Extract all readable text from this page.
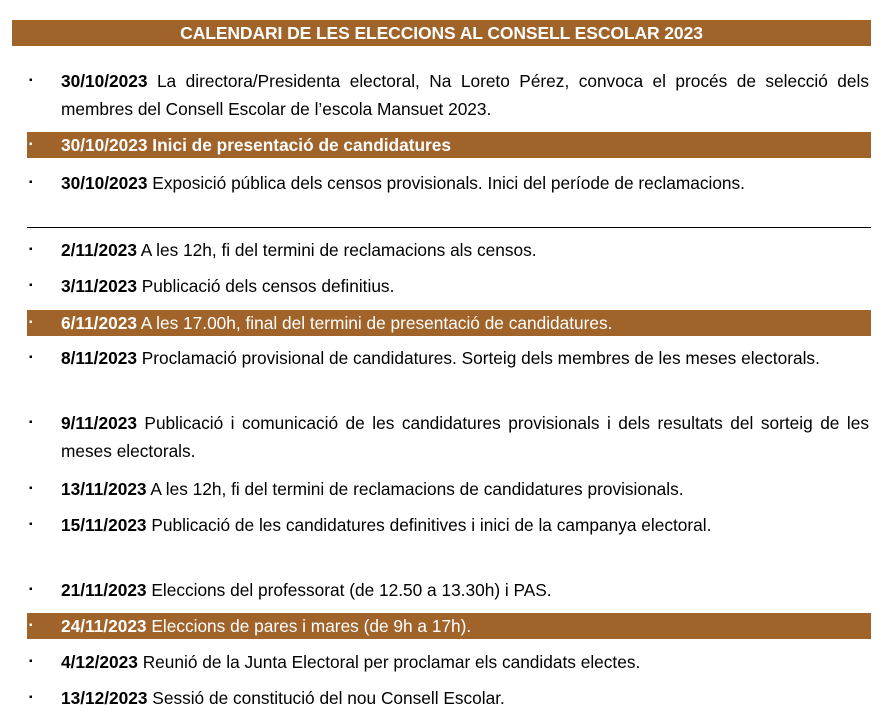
CALENDARI DE LES ELECCIONS AL CONSELL ESCOLAR 2023
▪ 30/10/2023 La directora/Presidenta electoral, Na Loreto Pérez, convoca el procés de selecció dels membres del Consell Escolar de l’escola Mansuet 2023.
▪ 30/10/2023 Inici de presentació de candidatures
▪ 30/10/2023 Exposició pública dels censos provisionals. Inici del període de reclamacions.
▪ 2/11/2023 A les 12h, fi del termini de reclamacions als censos.
▪ 3/11/2023 Publicació dels censos definitius.
▪ 6/11/2023 A les 17.00h, final del termini de presentació de candidatures.
▪ 8/11/2023 Proclamació provisional de candidatures. Sorteig dels membres de les meses electorals.
▪ 9/11/2023 Publicació i comunicació de les candidatures provisionals i dels resultats del sorteig de les meses electorals.
▪ 13/11/2023 A les 12h, fi del termini de reclamacions de candidatures provisionals.
▪ 15/11/2023 Publicació de les candidatures definitives i inici de la campanya electoral.
▪ 21/11/2023 Eleccions del professorat (de 12.50 a 13.30h) i PAS.
▪ 24/11/2023 Eleccions de pares i mares (de 9h a 17h).
▪ 4/12/2023 Reunió de la Junta Electoral per proclamar els candidats electes.
▪ 13/12/2023 Sessió de constitució del nou Consell Escolar.
